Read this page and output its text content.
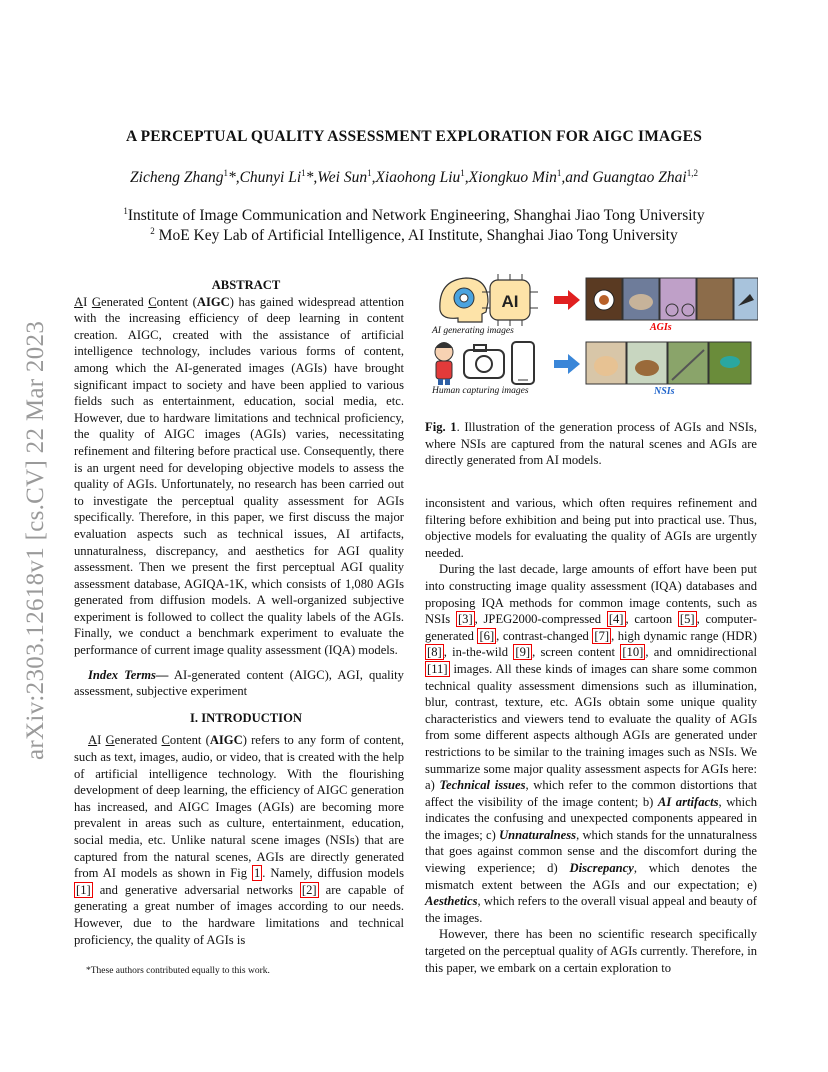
arXiv:2303.12618v1 [cs.CV] 22 Mar 2023
A PERCEPTUAL QUALITY ASSESSMENT EXPLORATION FOR AIGC IMAGES
Zicheng Zhang$^1$*,Chunyi Li$^1$*,Wei Sun$^1$,Xiaohong Liu$^1$,Xiongkuo Min$^1$,and Guangtao Zhai$^{1,2}$
$^1$Institute of Image Communication and Network Engineering, Shanghai Jiao Tong University
$^2$ MoE Key Lab of Artificial Intelligence, AI Institute, Shanghai Jiao Tong University

ABSTRACT

AI Generated Content (AIGC) has gained widespread attention with the increasing efficiency of deep learning in content creation. AIGC, created with the assistance of artificial intelligence technology, includes various forms of content, among which the AI-generated images (AGIs) have brought significant impact to society and have been applied to various fields such as entertainment, education, social media, etc. However, due to hardware limitations and technical proficiency, the quality of AIGC images (AGIs) varies, necessitating refinement and filtering before practical use. Consequently, there is an urgent need for developing objective models to assess the quality of AGIs. Unfortunately, no research has been carried out to investigate the perceptual quality assessment for AGIs specifically. Therefore, in this paper, we first discuss the major evaluation aspects such as technical issues, AI artifacts, unnaturalness, discrepancy, and aesthetics for AGI quality assessment. Then we present the first perceptual AGI quality assessment database, AGIQA-1K, which consists of 1,080 AGIs generated from diffusion models. A well-organized subjective experiment is followed to collect the quality labels of the AGIs. Finally, we conduct a benchmark experiment to evaluate the performance of current image quality assessment (IQA) models.

Index Terms— AI-generated content (AIGC), AGI, quality assessment, subjective experiment

I. INTRODUCTION

AI Generated Content (AIGC) refers to any form of content, such as text, images, audio, or video, that is created with the help of artificial intelligence technology. With the flourishing development of deep learning, the efficiency of AIGC generation has increased, and AIGC Images (AGIs) are becoming more prevalent in areas such as culture, entertainment, education, social media, etc. Unlike natural scene images (NSIs) that are captured from the natural scenes, AGIs are directly generated from AI models as shown in Fig 1 . Namely, diffusion models [1] and generative adversarial networks [2] are capable of generating a great number of images according to our needs. However, due to the hardware limitations and technical proficiency, the quality of AGIs is

*These authors contributed equally to this work.
AI
AI generating images
Human capturing images
AGIs
NSIs
Fig. 1. Illustration of the generation process of AGIs and NSIs, where NSIs are captured from the natural scenes and AGIs are directly generated from AI models.

inconsistent and various, which often requires refinement and filtering before exhibition and being put into practical use. Thus, objective models for evaluating the quality of AGIs are urgently needed.

During the last decade, large amounts of effort have been put into constructing image quality assessment (IQA) databases and proposing IQA methods for common image contents, such as NSIs [3] , JPEG2000-compressed [4] , cartoon [5] , computer-generated [6] , contrast-changed [7] , high dynamic range (HDR) [8] , in-the-wild [9] , screen content [10] , and omnidirectional [11] images. All these kinds of images can share some common technical quality assessment dimensions such as illumination, blur, contrast, texture, etc. AGIs obtain some unique quality characteristics and viewers tend to evaluate the quality of AGIs from some different aspects although AGIs are generated under restrictions to be similar to the training images such as NSIs. We summarize some major quality assessment aspects for AGIs here: a) Technical issues, which refer to the common distortions that affect the visibility of the image content; b) AI artifacts, which indicates the confusing and unexpected components appeared in the images; c) Unnaturalness, which stands for the unnaturalness that goes against common sense and the discomfort during the viewing experience; d) Discrepancy, which denotes the mismatch extent between the AGIs and our expectation; e) Aesthetics, which refers to the overall visual appeal and beauty of the images.

However, there has been no scientific research specifically targeted on the perceptual quality of AGIs currently. Therefore, in this paper, we embark on a certain exploration to
